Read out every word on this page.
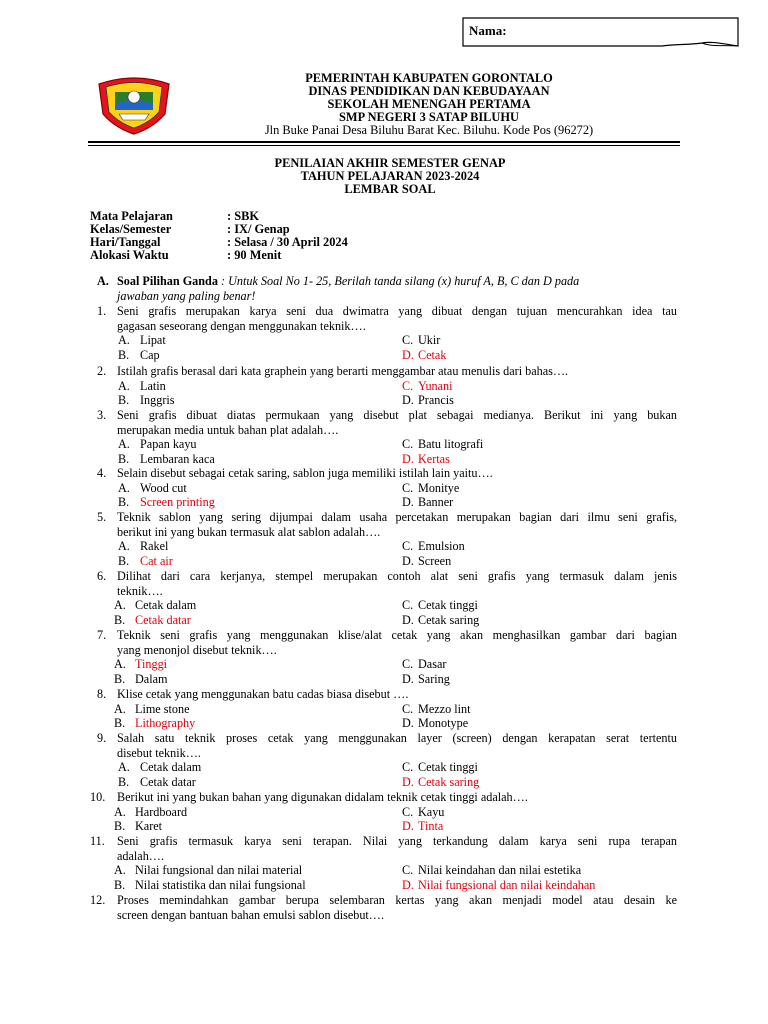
Nama:
PEMERINTAH KABUPATEN GORONTALO
DINAS PENDIDIKAN DAN KEBUDAYAAN
SEKOLAH MENENGAH PERTAMA
SMP NEGERI 3 SATAP BILUHU
Jln Buke Panai Desa Biluhu Barat Kec. Biluhu. Kode Pos (96272)
PENILAIAN AKHIR SEMESTER GENAP
TAHUN PELAJARAN 2023-2024
LEMBAR SOAL
Mata Pelajaran	: SBK
Kelas/Semester	: IX/ Genap
Hari/Tanggal	: Selasa / 30 April 2024
Alokasi Waktu	: 90 Menit
A. Soal Pilihan Ganda : Untuk Soal No 1- 25, Berilah tanda silang (x) huruf A, B, C dan D pada
jawaban yang paling benar!
1. Seni grafis merupakan karya seni dua dwimatra yang dibuat dengan tujuan mencurahkan idea tau
gagasan seseorang dengan menggunakan teknik….
A. Lipat
B. Cap
C. Ukir
D. Cetak
2. Istilah grafis berasal dari kata graphein yang berarti menggambar atau menulis dari bahas….
A. Latin
B. Inggris
C. Yunani
D. Prancis
3. Seni grafis dibuat diatas permukaan yang disebut plat sebagai medianya. Berikut ini yang bukan
merupakan media untuk bahan plat adalah….
A. Papan kayu
B. Lembaran kaca
C. Batu litografi
D. Kertas
4. Selain disebut sebagai cetak saring, sablon juga memiliki istilah lain yaitu….
A. Wood cut
B. Screen printing
C. Monitye
D. Banner
5. Teknik sablon yang sering dijumpai dalam usaha percetakan merupakan bagian dari ilmu seni grafis,
berikut ini yang bukan termasuk alat sablon adalah….
A. Rakel
B. Cat air
C. Emulsion
D. Screen
6. Dilihat dari cara kerjanya, stempel merupakan contoh alat seni grafis yang termasuk dalam jenis
teknik….
A. Cetak dalam
B. Cetak datar
C. Cetak tinggi
D. Cetak saring
7. Teknik seni grafis yang menggunakan klise/alat cetak yang akan menghasilkan gambar dari bagian
yang menonjol disebut teknik….
A. Tinggi
B. Dalam
C. Dasar
D. Saring
8. Klise cetak yang menggunakan batu cadas biasa disebut ….
A. Lime stone
B. Lithography
C. Mezzo lint
D. Monotype
9. Salah satu teknik proses cetak yang menggunakan layer (screen) dengan kerapatan serat tertentu
disebut teknik….
A. Cetak dalam
B. Cetak datar
C. Cetak tinggi
D. Cetak saring
10. Berikut ini yang bukan bahan yang digunakan didalam teknik cetak tinggi adalah….
A. Hardboard
B. Karet
C. Kayu
D. Tinta
11. Seni grafis termasuk karya seni terapan. Nilai yang terkandung dalam karya seni rupa terapan
adalah….
A. Nilai fungsional dan nilai material
B. Nilai statistika dan nilai fungsional
C. Nilai keindahan dan nilai estetika
D. Nilai fungsional dan nilai keindahan
12. Proses memindahkan gambar berupa selembaran kertas yang akan menjadi model atau desain ke
screen dengan bantuan bahan emulsi sablon disebut….
